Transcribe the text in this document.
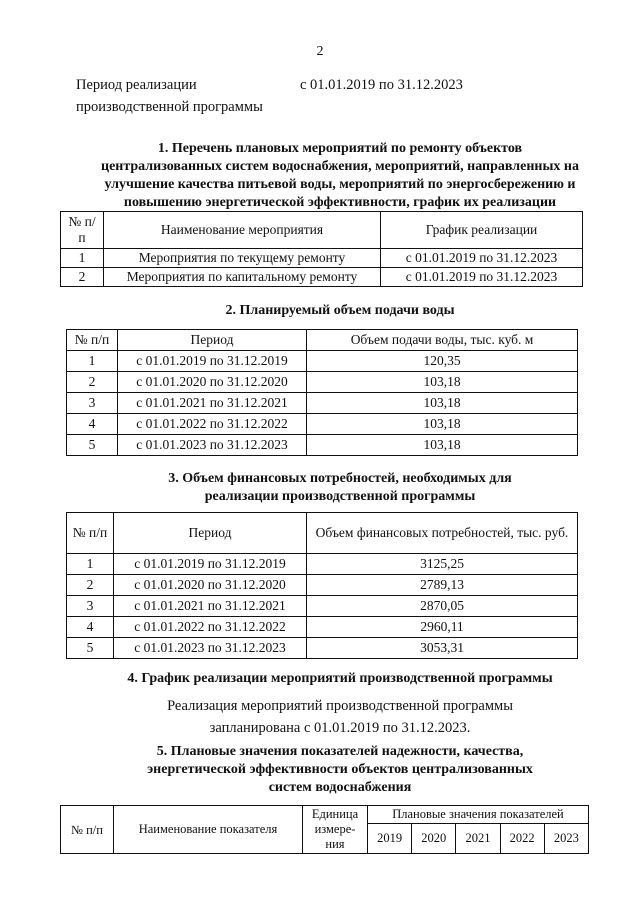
2
Период реализации
производственной программы
с 01.01.2019 по 31.12.2023
1. Перечень плановых мероприятий по ремонту объектов
централизованных систем водоснабжения, мероприятий, направленных на
улучшение качества питьевой воды, мероприятий по энергосбережению и
повышению энергетической эффективности, график их реализации
№ п/п	Наименование мероприятия	График реализации
1	Мероприятия по текущему ремонту	с 01.01.2019 по 31.12.2023
2	Мероприятия по капитальному ремонту	с 01.01.2019 по 31.12.2023
2. Планируемый объем подачи воды
№ п/п	Период	Объем подачи воды, тыс. куб. м
1	с 01.01.2019 по 31.12.2019	120,35
2	с 01.01.2020 по 31.12.2020	103,18
3	с 01.01.2021 по 31.12.2021	103,18
4	с 01.01.2022 по 31.12.2022	103,18
5	с 01.01.2023 по 31.12.2023	103,18
3. Объем финансовых потребностей, необходимых для
реализации производственной программы
№ п/п	Период	Объем финансовых потребностей, тыс. руб.
1	с 01.01.2019 по 31.12.2019	3125,25
2	с 01.01.2020 по 31.12.2020	2789,13
3	с 01.01.2021 по 31.12.2021	2870,05
4	с 01.01.2022 по 31.12.2022	2960,11
5	с 01.01.2023 по 31.12.2023	3053,31
4. График реализации мероприятий производственной программы
Реализация мероприятий производственной программы
запланирована с 01.01.2019 по 31.12.2023.
5. Плановые значения показателей надежности, качества,
энергетической эффективности объектов централизованных
систем водоснабжения
№ п/п	Наименование показателя	Единица измере-ния	Плановые значения показателей				
			2019	2020	2021	2022	2023
